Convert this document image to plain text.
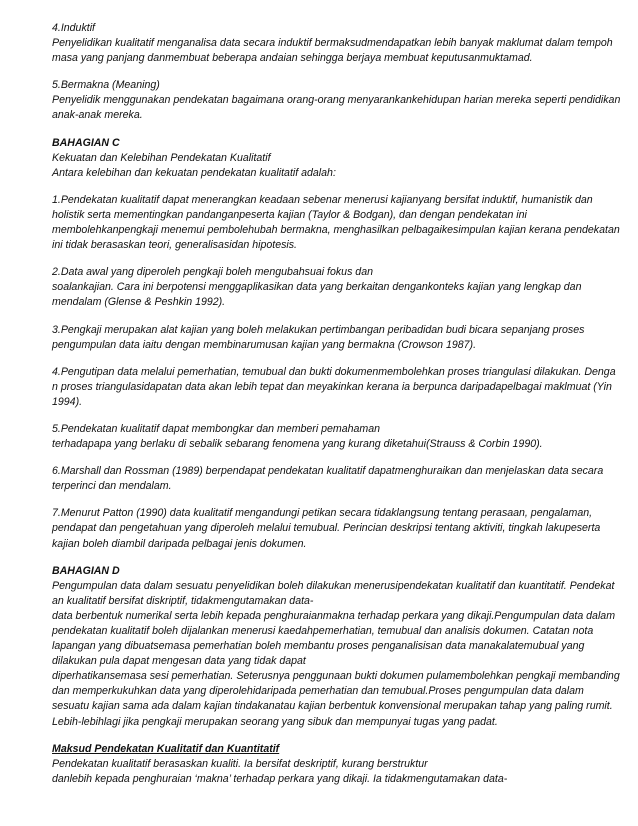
4.Induktif
Penyelidikan kualitatif menganalisa data secara induktif bermaksudmendapatkan lebih banyak maklumat dalam tempoh
masa yang panjang danmembuat beberapa andaian sehingga berjaya membuat keputusanmuktamad.

5.Bermakna (Meaning)
Penyelidik menggunakan pendekatan bagaimana orang-orang menyarankankehidupan harian mereka seperti pendidikan
anak-anak mereka.

BAHAGIAN C
Kekuatan dan Kelebihan Pendekatan Kualitatif
Antara kelebihan dan kekuatan pendekatan kualitatif adalah:

1.Pendekatan kualitatif dapat menerangkan keadaan sebenar menerusi kajianyang bersifat induktif, humanistik dan
holistik serta mementingkan pandanganpeserta kajian (Taylor & Bodgan), dan dengan pendekatan ini
membolehkanpengkaji menemui pembolehubah bermakna, menghasilkan pelbagaikesimpulan kajian kerana pendekatan
ini tidak berasaskan teori, generalisasidan hipotesis.

2.Data awal yang diperoleh pengkaji boleh mengubahsuai fokus dan
soalankajian. Cara ini berpotensi menggaplikasikan data yang berkaitan dengankonteks kajian yang lengkap dan
mendalam (Glense & Peshkin 1992).

3.Pengkaji merupakan alat kajian yang boleh melakukan pertimbangan peribadidan budi bicara sepanjang proses
pengumpulan data iaitu dengan membinarumusan kajian yang bermakna (Crowson 1987).

4.Pengutipan data melalui pemerhatian, temubual dan bukti dokumenmembolehkan proses triangulasi dilakukan. Denga
n proses triangulasidapatan data akan lebih tepat dan meyakinkan kerana ia berpunca daripadapelbagai maklmuat (Yin
1994).

5.Pendekatan kualitatif dapat membongkar dan memberi pemahaman
terhadapapa yang berlaku di sebalik sebarang fenomena yang kurang diketahui(Strauss & Corbin 1990).

6.Marshall dan Rossman (1989) berpendapat pendekatan kualitatif dapatmenghuraikan dan menjelaskan data secara
terperinci dan mendalam.

7.Menurut Patton (1990) data kualitatif mengandungi petikan secara tidaklangsung tentang perasaan, pengalaman,
pendapat dan pengetahuan yang diperoleh melalui temubual. Perincian deskripsi tentang aktiviti, tingkah lakupeserta
kajian boleh diambil daripada pelbagai jenis dokumen.

BAHAGIAN D
Pengumpulan data dalam sesuatu penyelidikan boleh dilakukan menerusipendekatan kualitatif dan kuantitatif. Pendekat
an kualitatif bersifat diskriptif, tidakmengutamakan data-
data berbentuk numerikal serta lebih kepada penghuraianmakna terhadap perkara yang dikaji.Pengumpulan data dalam
pendekatan kualitatif boleh dijalankan menerusi kaedahpemerhatian, temubual dan analisis dokumen. Catatan nota
lapangan yang dibuatsemasa pemerhatian boleh membantu proses penganalisisan data manakalatemubual yang
dilakukan pula dapat mengesan data yang tidak dapat
diperhatikansemasa sesi pemerhatian. Seterusnya penggunaan bukti dokumen pulamembolehkan pengkaji membanding
dan memperkukuhkan data yang diperolehidaripada pemerhatian dan temubual.Proses pengumpulan data dalam
sesuatu kajian sama ada dalam kajian tindakanatau kajian berbentuk konvensional merupakan tahap yang paling rumit.
Lebih-lebihlagi jika pengkaji merupakan seorang yang sibuk dan mempunyai tugas yang padat.

Maksud Pendekatan Kualitatif dan Kuantitatif
Pendekatan kualitatif berasaskan kualiti. Ia bersifat deskriptif, kurang berstruktur
danlebih kepada penghuraian ‘makna’ terhadap perkara yang dikaji. Ia tidakmengutamakan data-
